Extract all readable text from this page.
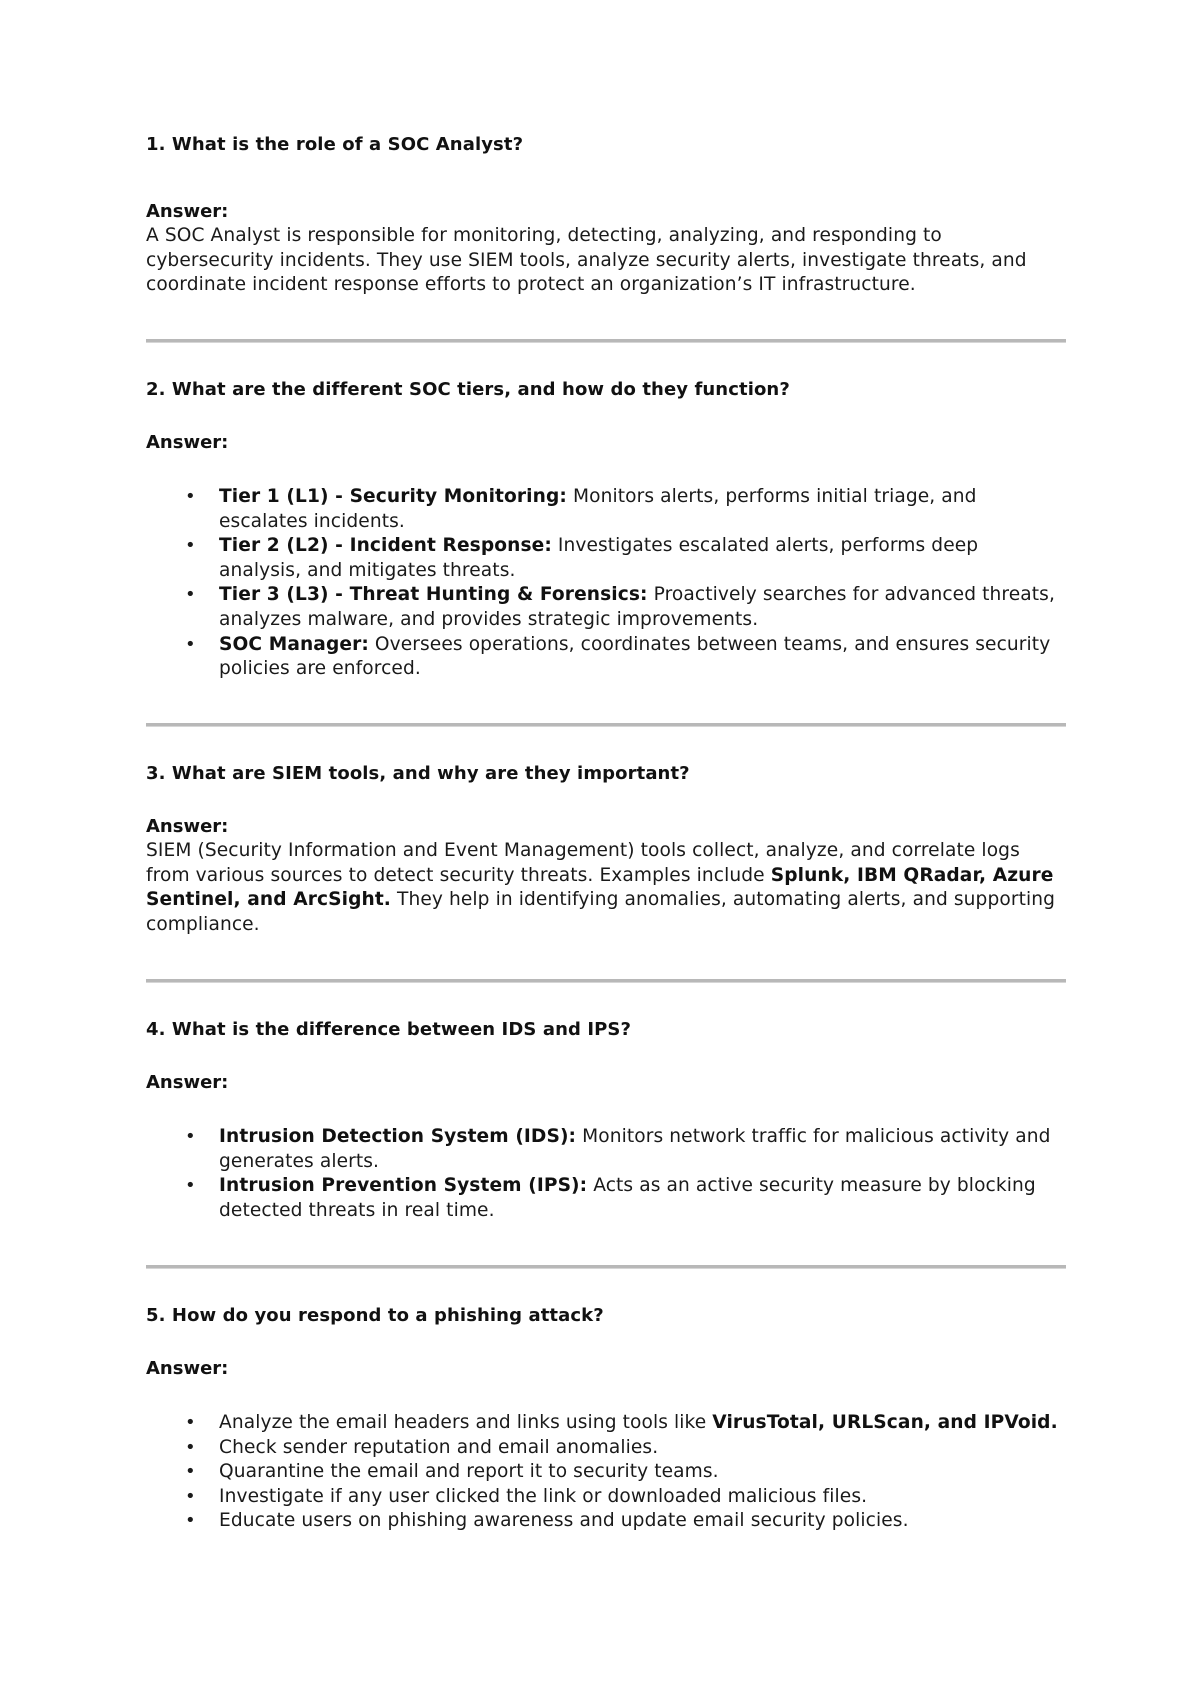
1. What is the role of a SOC Analyst?

Answer:

A SOC Analyst is responsible for monitoring, detecting, analyzing, and responding to cybersecurity incidents. They use SIEM tools, analyze security alerts, investigate threats, and coordinate incident response efforts to protect an organization’s IT infrastructure.

2. What are the different SOC tiers, and how do they function?

Answer:

• Tier 1 (L1) - Security Monitoring: Monitors alerts, performs initial triage, and escalates incidents.
• Tier 2 (L2) - Incident Response: Investigates escalated alerts, performs deep analysis, and mitigates threats.
• Tier 3 (L3) - Threat Hunting & Forensics: Proactively searches for advanced threats, analyzes malware, and provides strategic improvements.
• SOC Manager: Oversees operations, coordinates between teams, and ensures security policies are enforced.

3. What are SIEM tools, and why are they important?

Answer:

SIEM (Security Information and Event Management) tools collect, analyze, and correlate logs from various sources to detect security threats. Examples include Splunk, IBM QRadar, Azure Sentinel, and ArcSight. They help in identifying anomalies, automating alerts, and supporting compliance.

4. What is the difference between IDS and IPS?

Answer:

• Intrusion Detection System (IDS): Monitors network traffic for malicious activity and generates alerts.
• Intrusion Prevention System (IPS): Acts as an active security measure by blocking detected threats in real time.

5. How do you respond to a phishing attack?

Answer:

• Analyze the email headers and links using tools like VirusTotal, URLScan, and IPVoid.
• Check sender reputation and email anomalies.
• Quarantine the email and report it to security teams.
• Investigate if any user clicked the link or downloaded malicious files.
• Educate users on phishing awareness and update email security policies.
